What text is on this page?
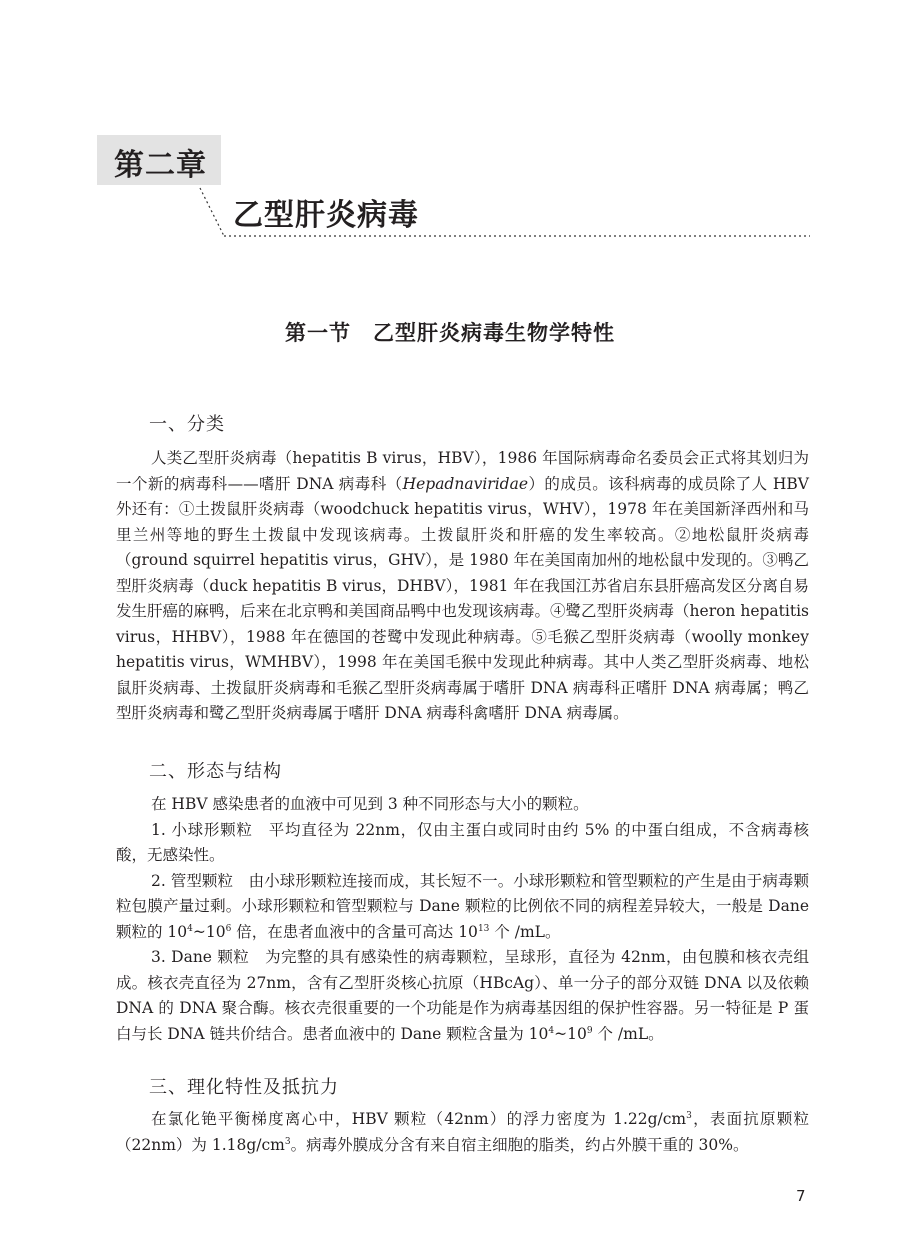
第二章
乙型肝炎病毒
第一节 乙型肝炎病毒生物学特性
一、分类

人类乙型肝炎病毒（hepatitis B virus，HBV），1986 年国际病毒命名委员会正式将其划归为一个新的病毒科——嗜肝 DNA 病毒科（Hepadnaviridae）的成员。该科病毒的成员除了人 HBV 外还有：①土拨鼠肝炎病毒（woodchuck hepatitis virus，WHV），1978 年在美国新泽西州和马里兰州等地的野生土拨鼠中发现该病毒。土拨鼠肝炎和肝癌的发生率较高。②地松鼠肝炎病毒（ground squirrel hepatitis virus，GHV），是 1980 年在美国南加州的地松鼠中发现的。③鸭乙型肝炎病毒（duck hepatitis B virus，DHBV），1981 年在我国江苏省启东县肝癌高发区分离自易发生肝癌的麻鸭，后来在北京鸭和美国商品鸭中也发现该病毒。④鹭乙型肝炎病毒（heron hepatitis virus，HHBV），1988 年在德国的苍鹭中发现此种病毒。⑤毛猴乙型肝炎病毒（woolly monkey hepatitis virus，WMHBV），1998 年在美国毛猴中发现此种病毒。其中人类乙型肝炎病毒、地松鼠肝炎病毒、土拨鼠肝炎病毒和毛猴乙型肝炎病毒属于嗜肝 DNA 病毒科正嗜肝 DNA 病毒属；鸭乙型肝炎病毒和鹭乙型肝炎病毒属于嗜肝 DNA 病毒科禽嗜肝 DNA 病毒属。

二、形态与结构

在 HBV 感染患者的血液中可见到 3 种不同形态与大小的颗粒。

1. 小球形颗粒　平均直径为 22nm，仅由主蛋白或同时由约 5% 的中蛋白组成，不含病毒核酸，无感染性。

2. 管型颗粒　由小球形颗粒连接而成，其长短不一。小球形颗粒和管型颗粒的产生是由于病毒颗粒包膜产量过剩。小球形颗粒和管型颗粒与 Dane 颗粒的比例依不同的病程差异较大，一般是 Dane 颗粒的 $10^4\sim 10^6$ 倍，在患者血液中的含量可高达 $10^{13}$ 个 /mL。

3. Dane 颗粒　为完整的具有感染性的病毒颗粒，呈球形，直径为 42nm，由包膜和核衣壳组成。核衣壳直径为 27nm，含有乙型肝炎核心抗原（HBcAg）、单一分子的部分双链 DNA 以及依赖 DNA 的 DNA 聚合酶。核衣壳很重要的一个功能是作为病毒基因组的保护性容器。另一特征是 P 蛋白与长 DNA 链共价结合。患者血液中的 Dane 颗粒含量为 $10^4\sim 10^9$ 个 /mL。

三、理化特性及抵抗力

在氯化铯平衡梯度离心中，HBV 颗粒（42nm）的浮力密度为 $1.22g/cm^3$，表面抗原颗粒（22nm）为 $1.18g/cm^3$。病毒外膜成分含有来自宿主细胞的脂类，约占外膜干重的 30%。

7
